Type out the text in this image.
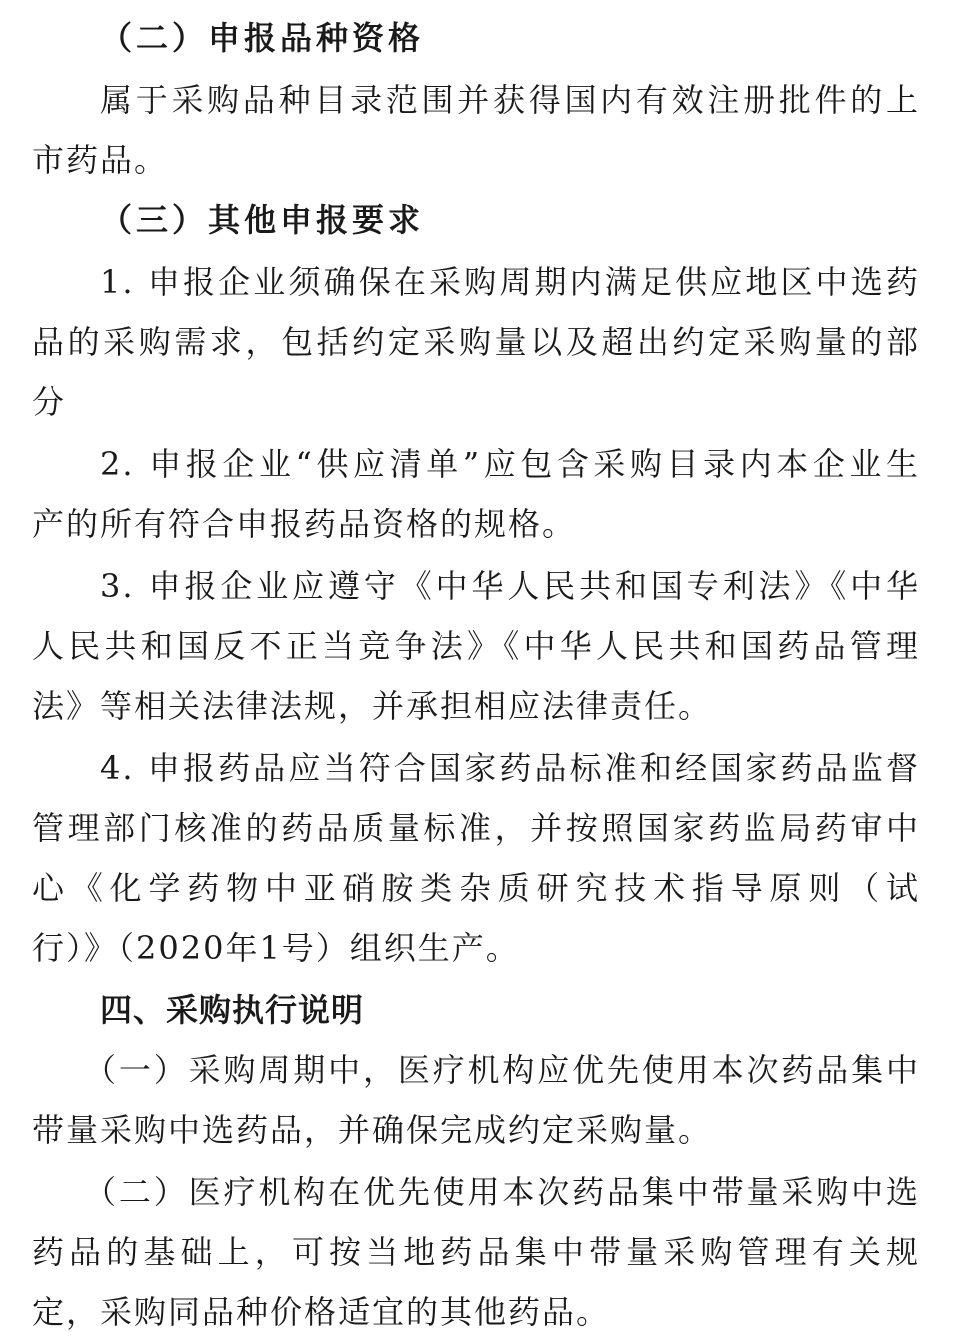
（二）申报品种资格
属于采购品种目录范围并获得国内有效注册批件的上
市药品。
（三）其他申报要求
1. 申报企业须确保在采购周期内满足供应地区中选药
品的采购需求，包括约定采购量以及超出约定采购量的部
分
2. 申报企业“供应清单”应包含采购目录内本企业生
产的所有符合申报药品资格的规格。
3. 申报企业应遵守《中华人民共和国专利法》《中华
人民共和国反不正当竞争法》《中华人民共和国药品管理
法》等相关法律法规，并承担相应法律责任。
4. 申报药品应当符合国家药品标准和经国家药品监督
管理部门核准的药品质量标准，并按照国家药监局药审中
心《化学药物中亚硝胺类杂质研究技术指导原则（试
行）》（2020年1号）组织生产。
四、采购执行说明
（一）采购周期中，医疗机构应优先使用本次药品集中
带量采购中选药品，并确保完成约定采购量。
（二）医疗机构在优先使用本次药品集中带量采购中选
药品的基础上，可按当地药品集中带量采购管理有关规
定，采购同品种价格适宜的其他药品。
